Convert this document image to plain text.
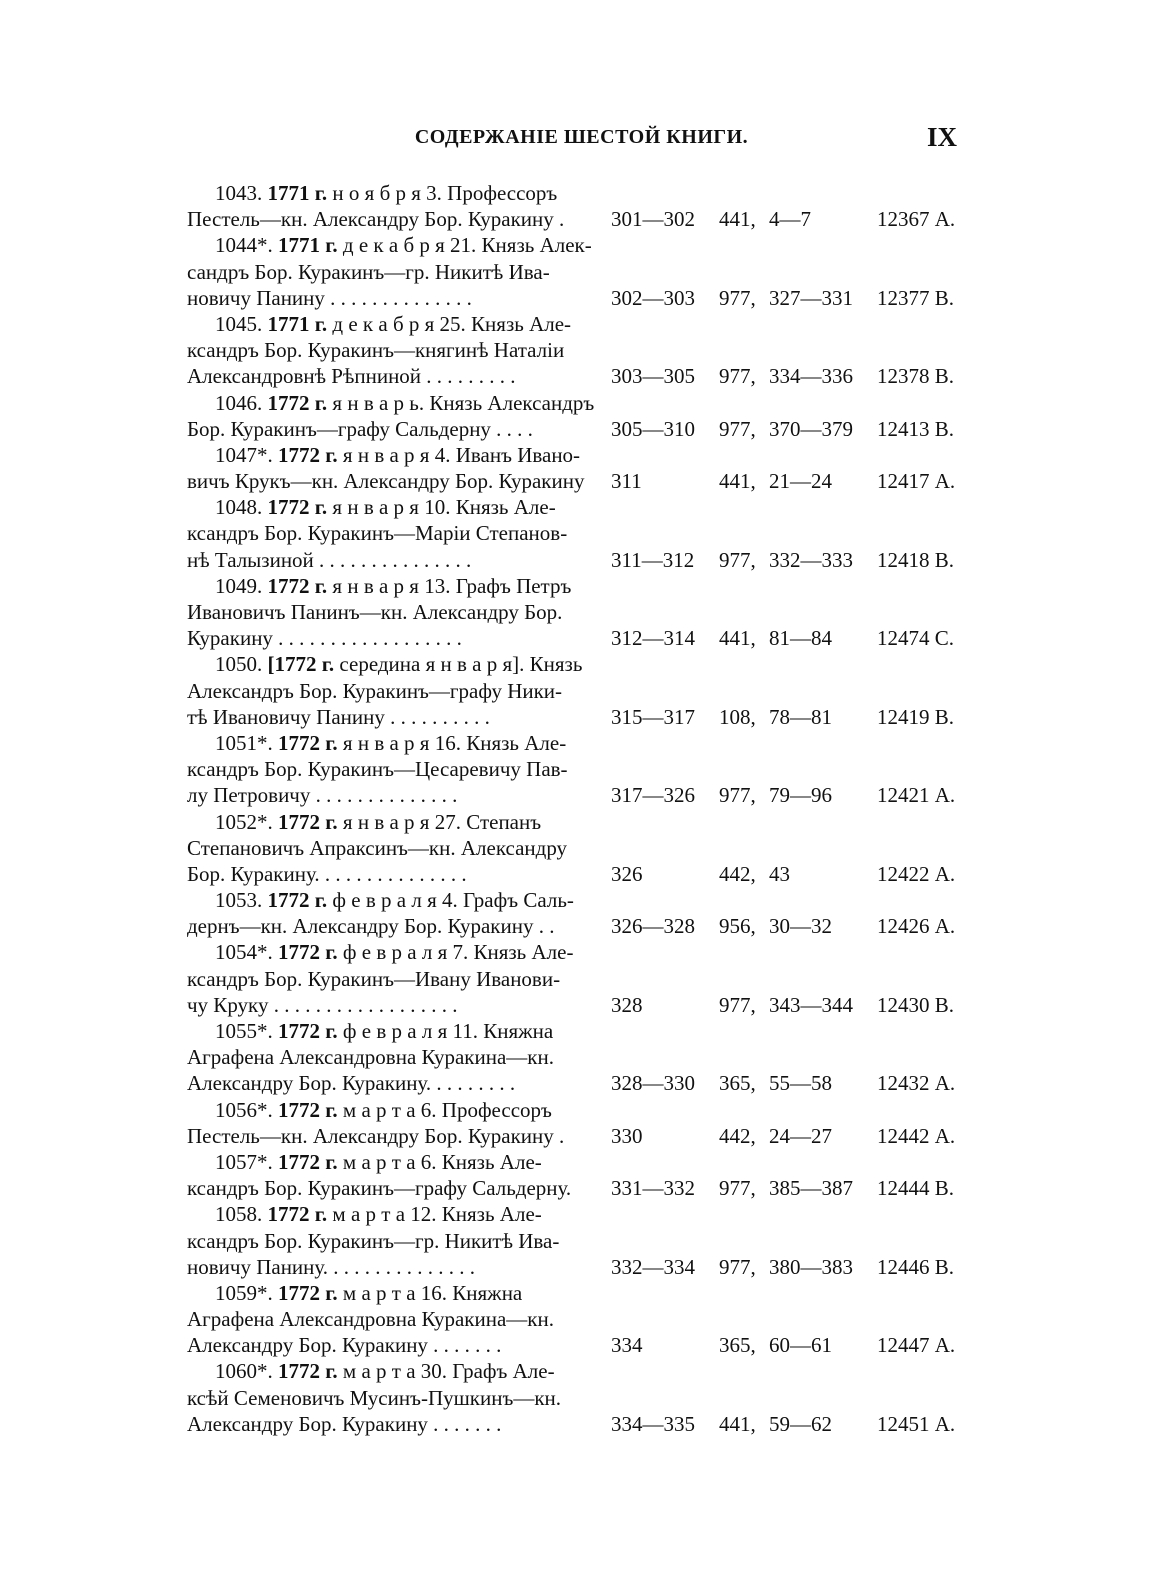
СОДЕРЖАНІЕ ШЕСТОЙ КНИГИ.	IX
1043. 1771 г. н о я б р я 3. Профессоръ
Пестель—кн. Александру Бор. Куракину . 301—302 441, 4—7	12367 А.
1044*. 1771 г. д е к а б р я 21. Князь Алек-
сандръ Бор. Куракинъ—гр. Никитѣ Ива-
новичу Панину . . . . . . . . . . . . . .	302—303 977, 327—331 12377 В.
1045. 1771 г. д е к а б р я 25. Князь Але-
ксандръ Бор. Куракинъ—княгинѣ Наталіи
Александровнѣ Рѣпниной . . . . . . . . .	303—305 977, 334—336 12378 В.
1046. 1772 г. я н в а р ь. Князь Александръ
Бор. Куракинъ—графу Сальдерну . . . .	305—310 977, 370—379 12413 В.
1047*. 1772 г. я н в а р я 4. Иванъ Ивано-
вичъ Крукъ—кн. Александру Бор. Куракину 311	441, 21—24 12417 А.
1048. 1772 г. я н в а р я 10. Князь Але-
ксандръ Бор. Куракинъ—Маріи Степанов-
нѣ Талызиной . . . . . . . . . . . . . . .	311—312 977, 332—333 12418 В.
1049. 1772 г. я н в а р я 13. Графъ Петръ
Ивановичъ Панинъ—кн. Александру Бор.
Куракину . . . . . . . . . . . . . . . . . .	312—314 441, 81—84 12474 С.
1050. [1772 г. середина я н в а р я]. Князь
Александръ Бор. Куракинъ—графу Ники-
тѣ Ивановичу Панину . . . . . . . . . .	315—317 108, 78—81 12419 В.
1051*. 1772 г. я н в а р я 16. Князь Але-
ксандръ Бор. Куракинъ—Цесаревичу Пав-
лу Петровичу . . . . . . . . . . . . . .	317—326 977, 79—96 12421 А.
1052*. 1772 г. я н в а р я 27. Степанъ
Степановичъ Апраксинъ—кн. Александру
Бор. Куракину. . . . . . . . . . . . . . .	326	442, 43	12422 А.
1053. 1772 г. ф е в р а л я 4. Графъ Саль-
дернъ—кн. Александру Бор. Куракину . .	326—328 956, 30—32 12426 А.
1054*. 1772 г. ф е в р а л я 7. Князь Але-
ксандръ Бор. Куракинъ—Ивану Иванови-
чу Круку . . . . . . . . . . . . . . . . . .	328	977, 343—344 12430 В.
1055*. 1772 г. ф е в р а л я 11. Княжна
Аграфена Александровна Куракина—кн.
Александру Бор. Куракину. . . . . . . . .	328—330 365, 55—58 12432 А.
1056*. 1772 г. м а р т а 6. Профессоръ
Пестель—кн. Александру Бор. Куракину . 330	442, 24—27 12442 А.
1057*. 1772 г. м а р т а 6. Князь Але-
ксандръ Бор. Куракинъ—графу Сальдерну. 331—332 977, 385—387 12444 В.
1058. 1772 г. м а р т а 12. Князь Але-
ксандръ Бор. Куракинъ—гр. Никитѣ Ива-
новичу Панину. . . . . . . . . . . . . . .	332—334 977, 380—383 12446 В.
1059*. 1772 г. м а р т а 16. Княжна
Аграфена Александровна Куракина—кн.
Александру Бор. Куракину . . . . . . .	334	365, 60—61 12447 А.
1060*. 1772 г. м а р т а 30. Графъ Але-
ксѣй Семеновичъ Мусинъ-Пушкинъ—кн.
Александру Бор. Куракину . . . . . . .	334—335 441, 59—62 12451 А.
